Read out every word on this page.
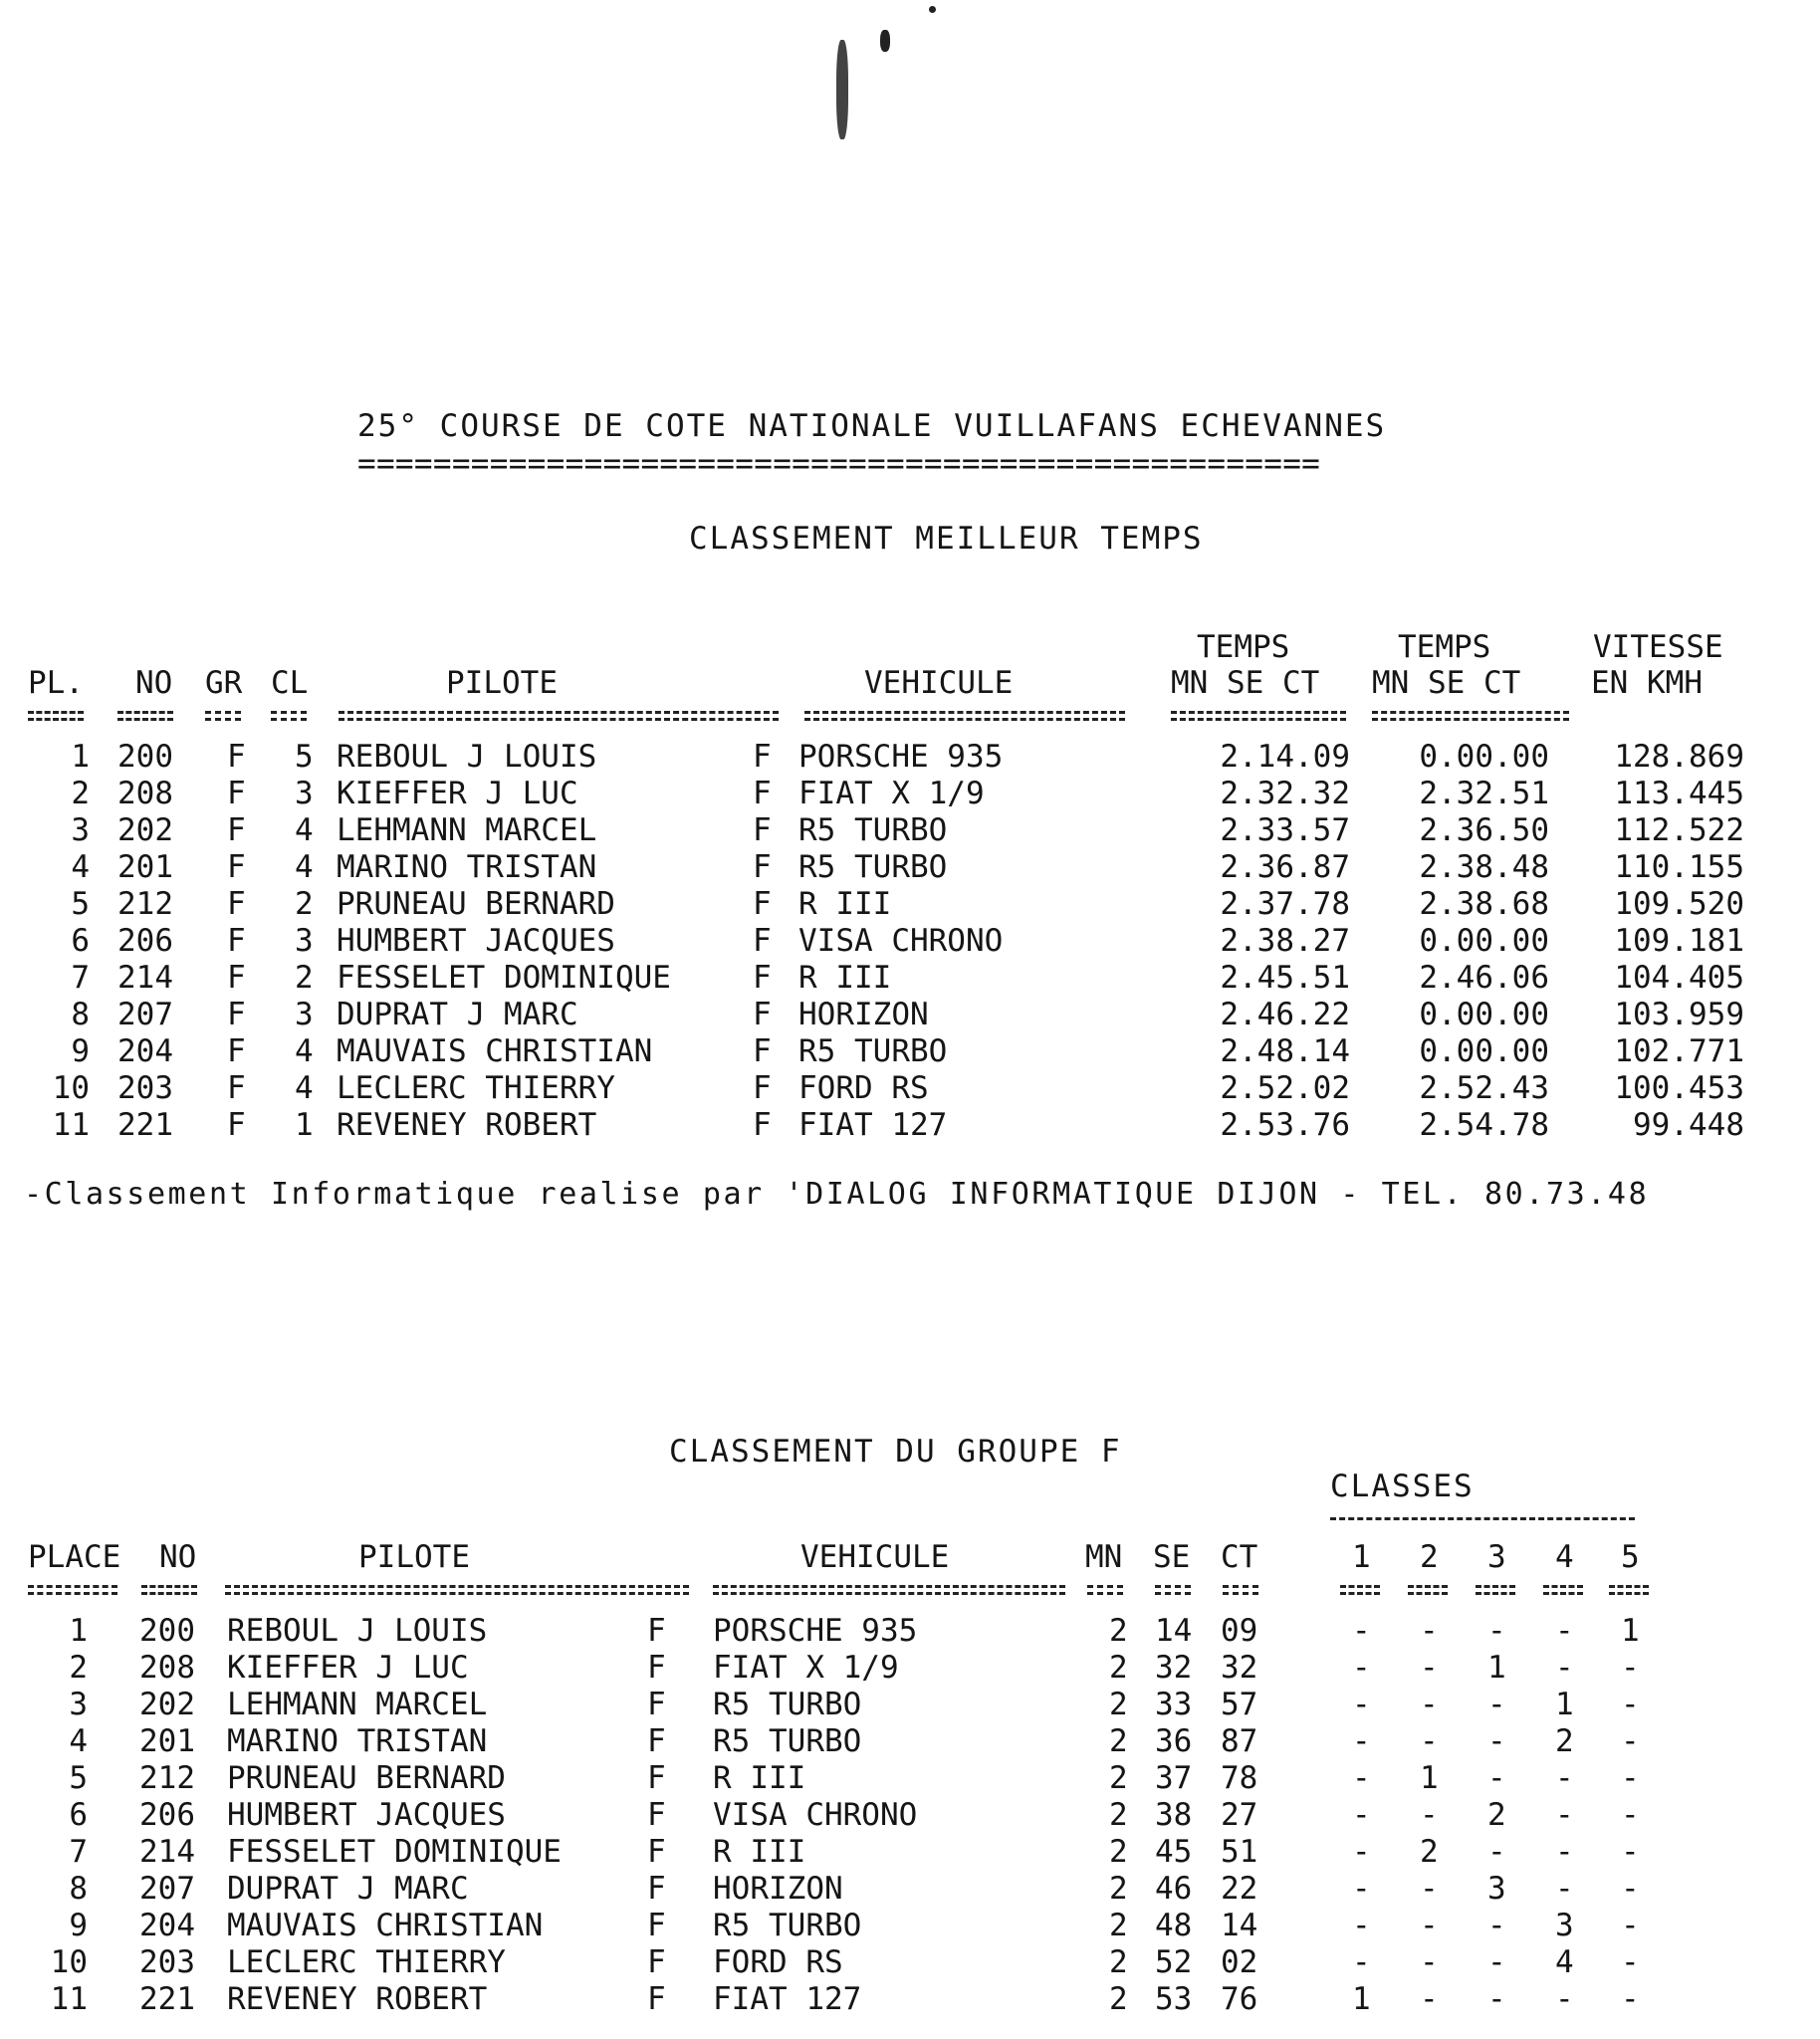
25° COURSE DE COTE NATIONALE VUILLAFANS ECHEVANNES
===================================================
CLASSEMENT MEILLEUR TEMPS
TEMPS	TEMPS	VITESSE
PL. NO GR CL	PILOTE	VEHICULE	MN SE CT MN SE CT EN KMH
1 200 F 5 REBOUL J LOUIS	F PORSCHE 935	2.14.09 0.00.00 128.869
2 208 F 3 KIEFFER J LUC	F FIAT X 1/9	2.32.32 2.32.51 113.445
3 202 F 4 LEHMANN MARCEL	F R5 TURBO	2.33.57 2.36.50 112.522
4 201 F 4 MARINO TRISTAN	F R5 TURBO	2.36.87 2.38.48 110.155
5 212 F 2 PRUNEAU BERNARD	F R III	2.37.78 2.38.68 109.520
6 206 F 3 HUMBERT JACQUES	F VISA CHRONO	2.38.27 0.00.00 109.181
7 214 F 2 FESSELET DOMINIQUE	F R III	2.45.51 2.46.06 104.405
8 207 F 3 DUPRAT J MARC	F HORIZON	2.46.22 0.00.00 103.959
9 204 F 4 MAUVAIS CHRISTIAN	F R5 TURBO	2.48.14 0.00.00 102.771
10 203 F 4 LECLERC THIERRY	F FORD RS	2.52.02 2.52.43 100.453
11 221 F 1 REVENEY ROBERT	F FIAT 127	2.53.76 2.54.78	99.448
-Classement Informatique realise par 'DIALOG INFORMATIQUE DIJON - TEL. 80.73.48
CLASSEMENT DU GROUPE F
CLASSES
PLACE NO	PILOTE	VEHICULE	MN SE CT	1 2 3 4 5
1 200 REBOUL J LOUIS	F PORSCHE 935	2 14 09	- - - - 1
2 208 KIEFFER J LUC	F FIAT X 1/9	2 32 32	- - 1 - -
3 202 LEHMANN MARCEL	F R5 TURBO	2 33 57	- - - 1 -
4 201 MARINO TRISTAN	F R5 TURBO	2 36 87	- - - 2 -
5 212 PRUNEAU BERNARD	F R III	2 37 78	- 1 - - -
6 206 HUMBERT JACQUES	F VISA CHRONO	2 38 27	- - 2 - -
7 214 FESSELET DOMINIQUE	F R III	2 45 51	- 2 - - -
8 207 DUPRAT J MARC	F HORIZON	2 46 22	- - 3 - -
9 204 MAUVAIS CHRISTIAN	F R5 TURBO	2 48 14	- - - 3 -
10 203 LECLERC THIERRY	F FORD RS	2 52 02	- - - 4 -
11 221 REVENEY ROBERT	F FIAT 127	2 53 76	1 - - - -
